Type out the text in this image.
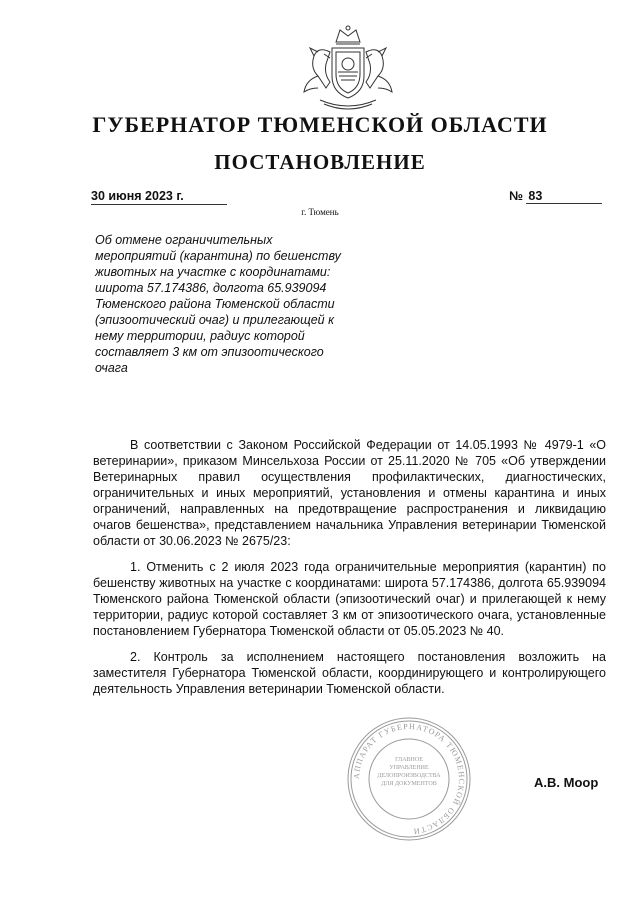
ГУБЕРНАТОР ТЮМЕНСКОЙ ОБЛАСТИ
ПОСТАНОВЛЕНИЕ
30 июня 2023 г.	№ 83
г. Тюмень
Об отмене ограничительных мероприятий (карантина) по бешенству животных на участке с координатами: широта 57.174386, долгота 65.939094 Тюменского района Тюменской области (эпизоотический очаг) и прилегающей к нему территории, радиус которой составляет 3 км от эпизоотического очага

В соответствии с Законом Российской Федерации от 14.05.1993 № 4979-1 «О ветеринарии», приказом Минсельхоза России от 25.11.2020 № 705 «Об утверждении Ветеринарных правил осуществления профилактических, диагностических, ограничительных и иных мероприятий, установления и отмены карантина и иных ограничений, направленных на предотвращение распространения и ликвидацию очагов бешенства», представлением начальника Управления ветеринарии Тюменской области от 30.06.2023 № 2675/23:

1. Отменить с 2 июля 2023 года ограничительные мероприятия (карантин) по бешенству животных на участке с координатами: широта 57.174386, долгота 65.939094 Тюменского района Тюменской области (эпизоотический очаг) и прилегающей к нему территории, радиус которой составляет 3 км от эпизоотического очага, установленные постановлением Губернатора Тюменской области от 05.05.2023 № 40.

2. Контроль за исполнением настоящего постановления возложить на заместителя Губернатора Тюменской области, координирующего и контролирующего деятельность Управления ветеринарии Тюменской области.

АППАРАТ ГУБЕРНАТОРА ТЮМЕНСКОЙ ОБЛАСТИ
ГЛАВНОЕ УПРАВЛЕНИЕ ДЕЛОПРОИЗВОДСТВА ДЛЯ ДОКУМЕНТОВ	А.В. Моор
